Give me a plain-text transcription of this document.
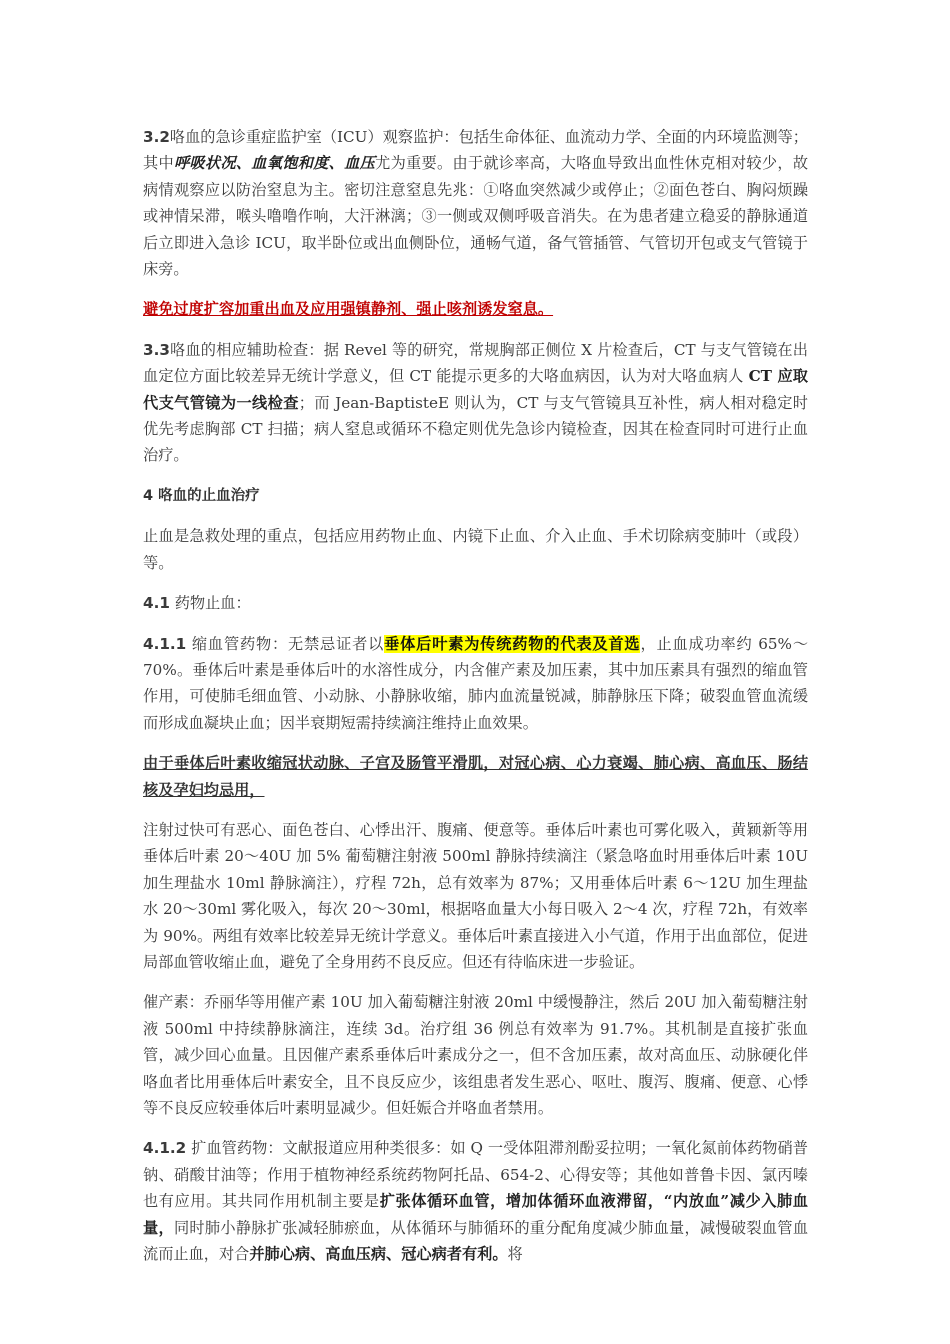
3.2咯血的急诊重症监护室（ICU）观察监护：包括生命体征、血流动力学、全面的内环境监测等；其中呼吸状况、血氧饱和度、血压尤为重要。由于就诊率高，大咯血导致出血性休克相对较少，故病情观察应以防治窒息为主。密切注意窒息先兆：①咯血突然减少或停止；②面色苍白、胸闷烦躁或神情呆滞，喉头噜噜作响，大汗淋漓；③一侧或双侧呼吸音消失。在为患者建立稳妥的静脉通道后立即进入急诊 ICU，取半卧位或出血侧卧位，通畅气道，备气管插管、气管切开包或支气管镜于床旁。

避免过度扩容加重出血及应用强镇静剂、强止咳剂诱发窒息。

3.3咯血的相应辅助检查：据 Revel 等的研究，常规胸部正侧位 X 片检查后，CT 与支气管镜在出血定位方面比较差异无统计学意义，但 CT 能提示更多的大咯血病因，认为对大咯血病人 CT 应取代支气管镜为一线检查；而 Jean-BaptisteE 则认为，CT 与支气管镜具互补性，病人相对稳定时优先考虑胸部 CT 扫描；病人窒息或循环不稳定则优先急诊内镜检查，因其在检查同时可进行止血治疗。

4 咯血的止血治疗

止血是急救处理的重点，包括应用药物止血、内镜下止血、介入止血、手术切除病变肺叶（或段）等。

4.1 药物止血：

4.1.1 缩血管药物：无禁忌证者以垂体后叶素为传统药物的代表及首选，止血成功率约 65%～70%。垂体后叶素是垂体后叶的水溶性成分，内含催产素及加压素，其中加压素具有强烈的缩血管作用，可使肺毛细血管、小动脉、小静脉收缩，肺内血流量锐减，肺静脉压下降；破裂血管血流缓而形成血凝块止血；因半衰期短需持续滴注维持止血效果。

由于垂体后叶素收缩冠状动脉、子宫及肠管平滑肌，对冠心病、心力衰竭、肺心病、高血压、肠结核及孕妇均忌用，

注射过快可有恶心、面色苍白、心悸出汗、腹痛、便意等。垂体后叶素也可雾化吸入，黄颖新等用垂体后叶素 20～40U 加 5% 葡萄糖注射液 500ml 静脉持续滴注（紧急咯血时用垂体后叶素 10U 加生理盐水 10ml 静脉滴注），疗程 72h，总有效率为 87%；又用垂体后叶素 6～12U 加生理盐水 20～30ml 雾化吸入，每次 20～30ml，根据咯血量大小每日吸入 2～4 次，疗程 72h，有效率为 90%。两组有效率比较差异无统计学意义。垂体后叶素直接进入小气道，作用于出血部位，促进局部血管收缩止血，避免了全身用药不良反应。但还有待临床进一步验证。

催产素：乔丽华等用催产素 10U 加入葡萄糖注射液 20ml 中缓慢静注，然后 20U 加入葡萄糖注射液 500ml 中持续静脉滴注，连续 3d。治疗组 36 例总有效率为 91.7%。其机制是直接扩张血管，减少回心血量。且因催产素系垂体后叶素成分之一，但不含加压素，故对高血压、动脉硬化伴咯血者比用垂体后叶素安全，且不良反应少，该组患者发生恶心、呕吐、腹泻、腹痛、便意、心悸等不良反应较垂体后叶素明显减少。但妊娠合并咯血者禁用。

4.1.2 扩血管药物：文献报道应用种类很多：如 Q 一受体阻滞剂酚妥拉明；一氧化氮前体药物硝普钠、硝酸甘油等；作用于植物神经系统药物阿托品、654-2、心得安等；其他如普鲁卡因、氯丙嗪也有应用。其共同作用机制主要是扩张体循环血管，增加体循环血液滞留，“内放血”减少入肺血量，同时肺小静脉扩张减轻肺瘀血，从体循环与肺循环的重分配角度减少肺血量，减慢破裂血管血流而止血，对合并肺心病、高血压病、冠心病者有利。将
